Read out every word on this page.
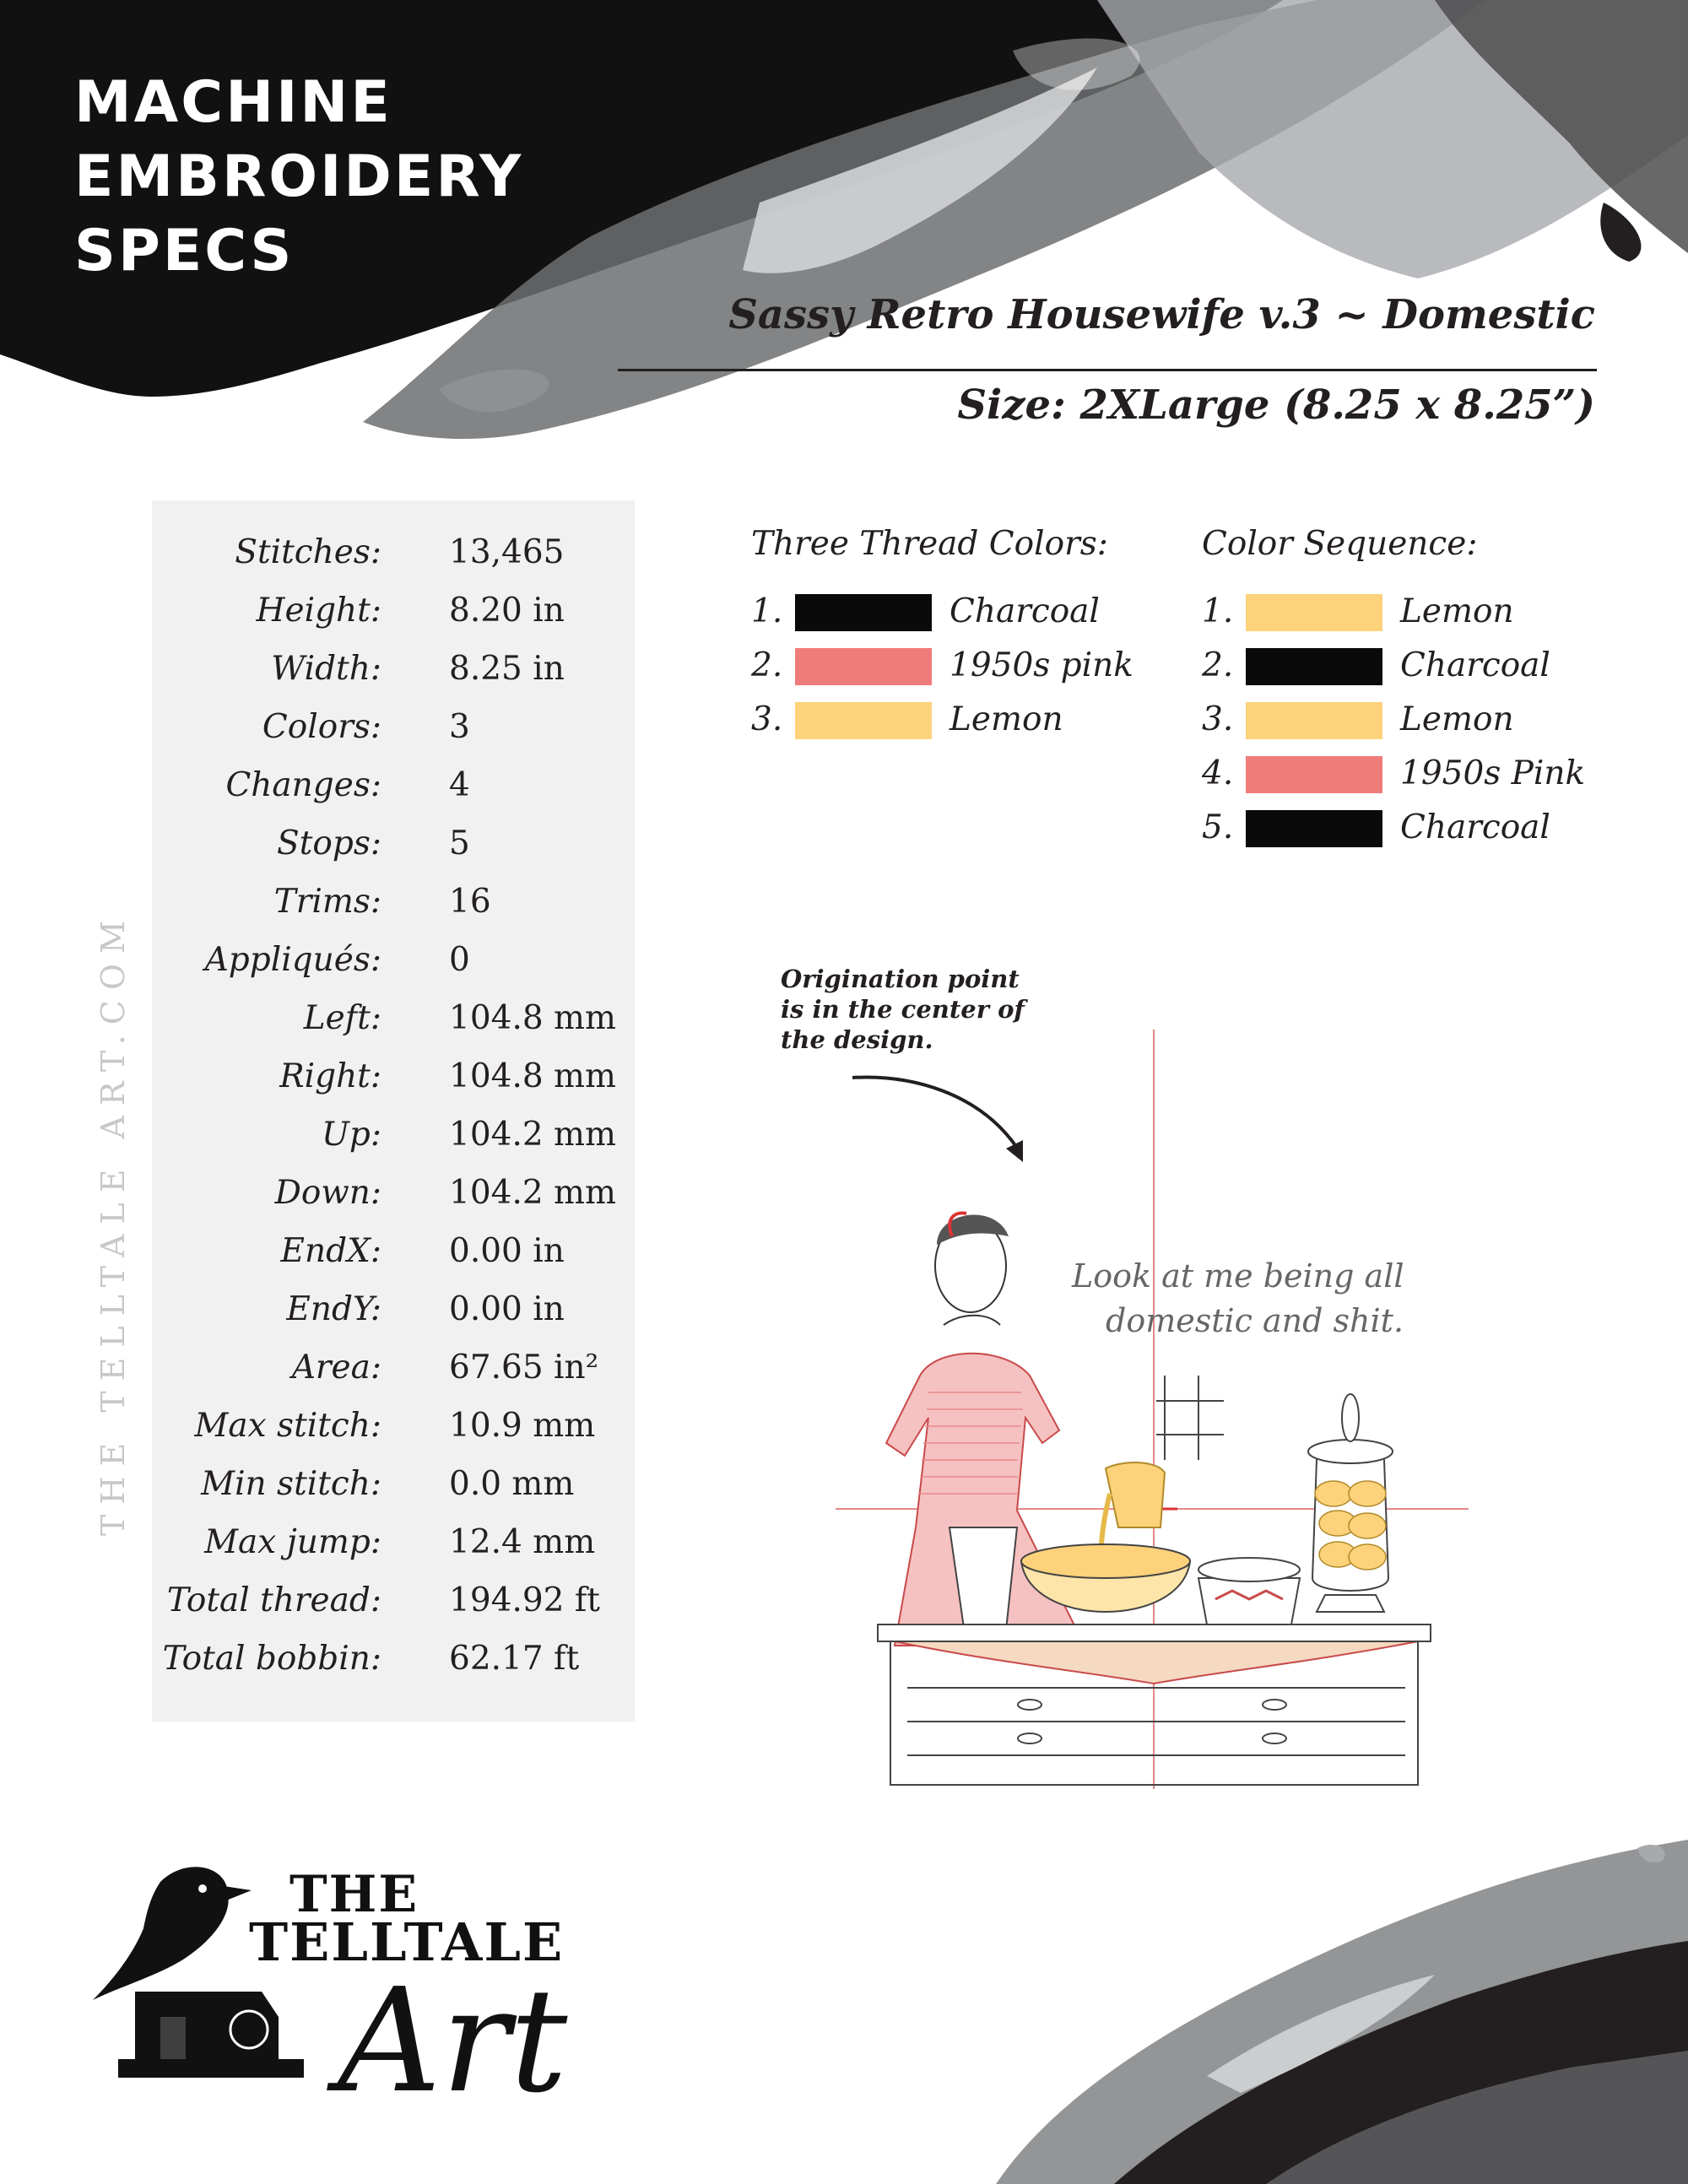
MACHINE
EMBROIDERY
SPECS
Sassy Retro Housewife v.3 ~ Domestic
Size: 2XLarge (8.25 x 8.25”)
Stitches: 13,465
Height: 8.20 in
Width: 8.25 in
Colors: 3
Changes: 4
Stops: 5
Trims: 16
Appliqués: 0
Left: 104.8 mm
Right: 104.8 mm
Up: 104.2 mm
Down: 104.2 mm
EndX: 0.00 in
EndY: 0.00 in
Area: 67.65 in²
Max stitch: 10.9 mm
Min stitch: 0.0 mm
Max jump: 12.4 mm
Total thread: 194.92 ft
Total bobbin: 62.17 ft
Three Thread Colors:
1.	Charcoal
2.	1950s pink
3.	Lemon
Color Sequence:
1.	Lemon
2.	Charcoal
3.	Lemon
4.	1950s Pink
5.	Charcoal
Origination point is in the center of the design.
Look at me being all
domestic and shit.
THE TELLTALE ART.COM
THE
TELLTALE
Art
